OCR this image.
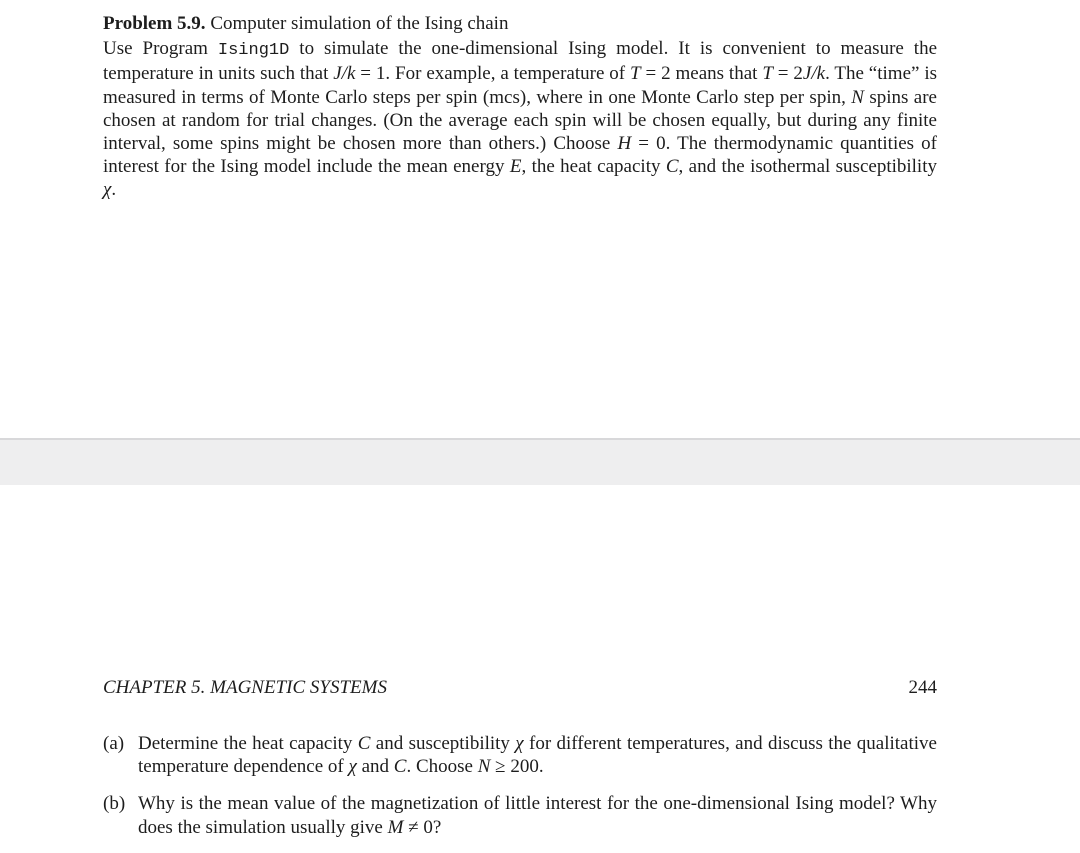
Problem 5.9. Computer simulation of the Ising chain

Use Program Ising1D to simulate the one-dimensional Ising model. It is convenient to measure the temperature in units such that J/k = 1. For example, a temperature of T = 2 means that T = 2J/k. The “time” is measured in terms of Monte Carlo steps per spin (mcs), where in one Monte Carlo step per spin, N spins are chosen at random for trial changes. (On the average each spin will be chosen equally, but during any finite interval, some spins might be chosen more than others.) Choose H = 0. The thermodynamic quantities of interest for the Ising model include the mean energy E, the heat capacity C, and the isothermal susceptibility χ.

CHAPTER 5. MAGNETIC SYSTEMS	244
(a) Determine the heat capacity C and susceptibility χ for different temperatures, and discuss the qualitative temperature dependence of χ and C. Choose N ≥ 200.
(b) Why is the mean value of the magnetization of little interest for the one-dimensional Ising model? Why does the simulation usually give M ≠ 0?
